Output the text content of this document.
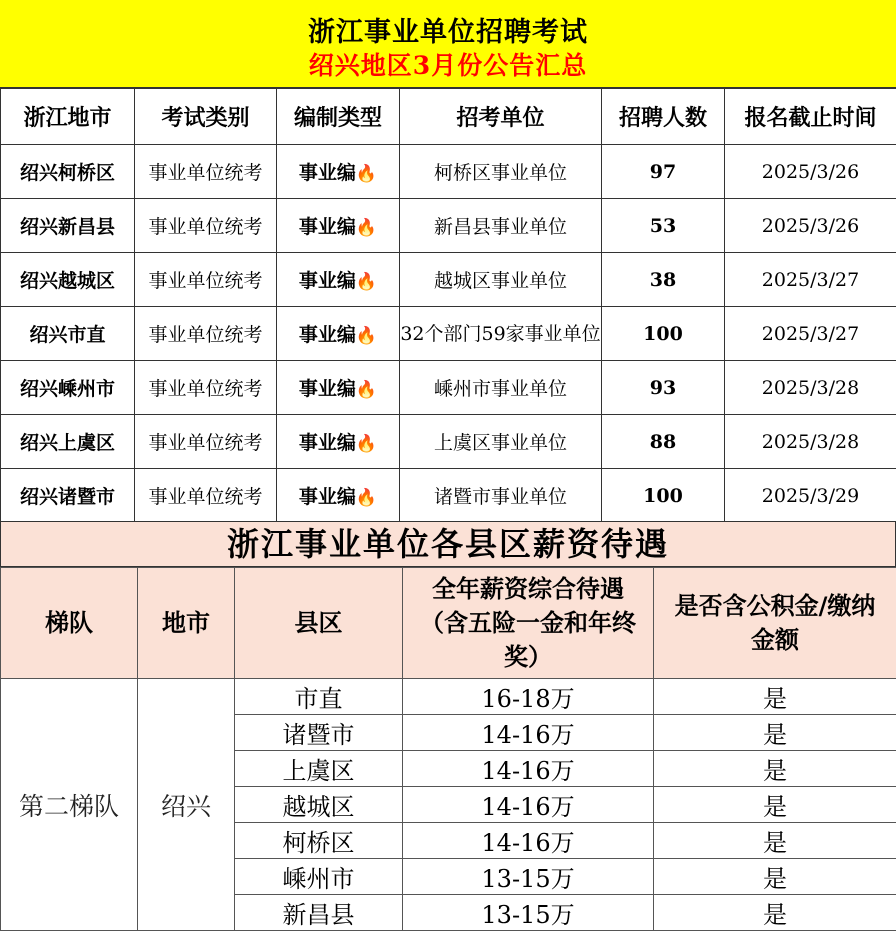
浙江事业单位招聘考试
绍兴地区3月份公告汇总
浙江地市	考试类别	编制类型	招考单位	招聘人数	报名截止时间
绍兴柯桥区	事业单位统考	事业编🔥	柯桥区事业单位	97	2025/3/26
绍兴新昌县	事业单位统考	事业编🔥	新昌县事业单位	53	2025/3/26
绍兴越城区	事业单位统考	事业编🔥	越城区事业单位	38	2025/3/27
绍兴市直	事业单位统考	事业编🔥	32个部门59家事业单位	100	2025/3/27
绍兴嵊州市	事业单位统考	事业编🔥	嵊州市事业单位	93	2025/3/28
绍兴上虞区	事业单位统考	事业编🔥	上虞区事业单位	88	2025/3/28
绍兴诸暨市	事业单位统考	事业编🔥	诸暨市事业单位	100	2025/3/29
浙江事业单位各县区薪资待遇
梯队	地市	县区	全年薪资综合待遇（含五险一金和年终奖）	是否含公积金/缴纳金额
第二梯队	绍兴	市直	16-18万	是
		诸暨市	14-16万	是
		上虞区	14-16万	是
		越城区	14-16万	是
		柯桥区	14-16万	是
		嵊州市	13-15万	是
		新昌县	13-15万	是
